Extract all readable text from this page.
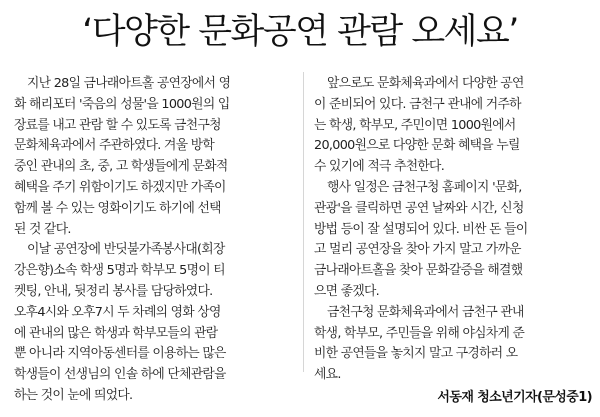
‘다양한 문화공연 관람 오세요’
지난 28일 금나래아트홀 공연장에서 영
화 해리포터 '죽음의 성물'을 1000원의 입
장료를 내고 관람 할 수 있도록 금천구청
문화체육과에서 주관하였다. 겨울 방학
중인 관내의 초, 중, 고 학생들에게 문화적
혜택을 주기 위함이기도 하겠지만 가족이
함께 볼 수 있는 영화이기도 하기에 선택
된 것 같다.
이날 공연장에 반딧불가족봉사대(회장
강은향)소속 학생 5명과 학부모 5명이 티
켓팅, 안내, 뒷정리 봉사를 담당하였다.
오후4시와 오후7시 두 차례의 영화 상영
에 관내의 많은 학생과 학부모들의 관람
뿐 아니라 지역아동센터를 이용하는 많은
학생들이 선생님의 인솔 하에 단체관람을
하는 것이 눈에 띄었다.
앞으로도 문화체육과에서 다양한 공연
이 준비되어 있다. 금천구 관내에 거주하
는 학생, 학부모, 주민이면 1000원에서
20,000원으로 다양한 문화 혜택을 누릴
수 있기에 적극 추천한다.
행사 일정은 금천구청 홈페이지 '문화,
관광'을 클릭하면 공연 날짜와 시간, 신청
방법 등이 잘 설명되어 있다. 비싼 돈 들이
고 멀리 공연장을 찾아 가지 말고 가까운
금나래아트홀을 찾아 문화갈증을 해결했
으면 좋겠다.
금천구청 문화체육과에서 금천구 관내
학생, 학부모, 주민들을 위해 야심차게 준
비한 공연들을 놓치지 말고 구경하러 오
세요.
서동재 청소년기자(문성중1)
